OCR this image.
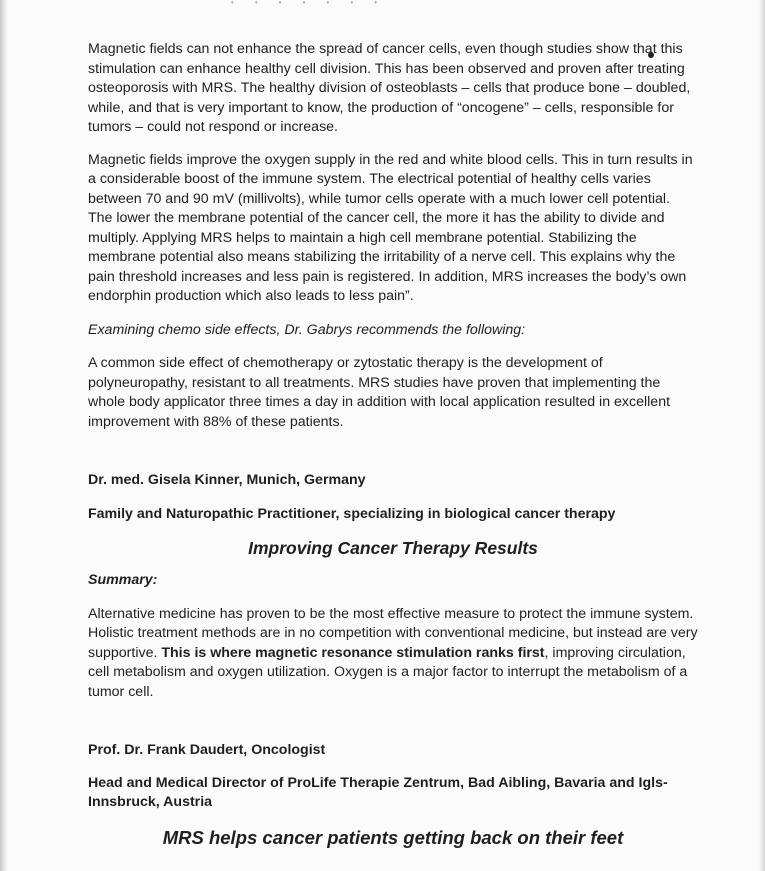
· · · · · · ·

Magnetic fields can not enhance the spread of cancer cells, even though studies show that this stimulation can enhance healthy cell division. This has been observed and proven after treating osteoporosis with MRS. The healthy division of osteoblasts – cells that produce bone – doubled, while, and that is very important to know, the production of “oncogene” – cells, responsible for tumors – could not respond or increase.

Magnetic fields improve the oxygen supply in the red and white blood cells. This in turn results in a considerable boost of the immune system. The electrical potential of healthy cells varies between 70 and 90 mV (millivolts), while tumor cells operate with a much lower cell potential. The lower the membrane potential of the cancer cell, the more it has the ability to divide and multiply. Applying MRS helps to maintain a high cell membrane potential. Stabilizing the membrane potential also means stabilizing the irritability of a nerve cell. This explains why the pain threshold increases and less pain is registered. In addition, MRS increases the body’s own endorphin production which also leads to less pain”.

Examining chemo side effects, Dr. Gabrys recommends the following:

A common side effect of chemotherapy or zytostatic therapy is the development of polyneuropathy, resistant to all treatments. MRS studies have proven that implementing the whole body applicator three times a day in addition with local application resulted in excellent improvement with 88% of these patients.

Dr. med. Gisela Kinner, Munich, Germany

Family and Naturopathic Practitioner, specializing in biological cancer therapy

Improving Cancer Therapy Results

Summary:

Alternative medicine has proven to be the most effective measure to protect the immune system. Holistic treatment methods are in no competition with conventional medicine, but instead are very supportive. This is where magnetic resonance stimulation ranks first, improving circulation, cell metabolism and oxygen utilization. Oxygen is a major factor to interrupt the metabolism of a tumor cell.

Prof. Dr. Frank Daudert, Oncologist

Head and Medical Director of ProLife Therapie Zentrum, Bad Aibling, Bavaria and Igls-Innsbruck, Austria

MRS helps cancer patients getting back on their feet
